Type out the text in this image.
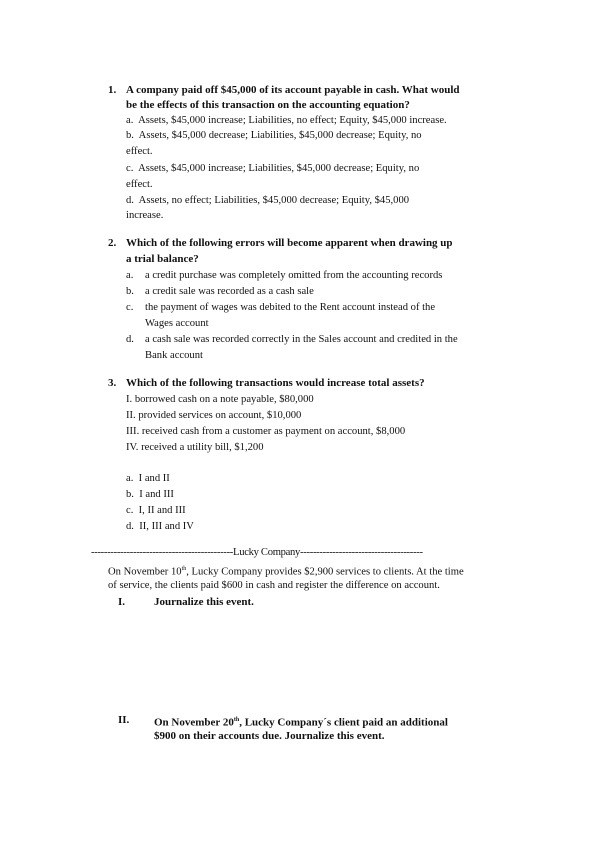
1. A company paid off $45,000 of its account payable in cash. What would
be the effects of this transaction on the accounting equation?
a. Assets, $45,000 increase; Liabilities, no effect; Equity, $45,000 increase.
b. Assets, $45,000 decrease; Liabilities, $45,000 decrease; Equity, no
effect.
c. Assets, $45,000 increase; Liabilities, $45,000 decrease; Equity, no
effect.
d. Assets, no effect; Liabilities, $45,000 decrease; Equity, $45,000
increase.
2. Which of the following errors will become apparent when drawing up
a trial balance?
a. a credit purchase was completely omitted from the accounting records
b. a credit sale was recorded as a cash sale
c. the payment of wages was debited to the Rent account instead of the
Wages account
d. a cash sale was recorded correctly in the Sales account and credited in the
Bank account
3. Which of the following transactions would increase total assets?
I. borrowed cash on a note payable, $80,000
II. provided services on account, $10,000
III. received cash from a customer as payment on account, $8,000
IV. received a utility bill, $1,200
a. I and II
b. I and III
c. I, II and III
d. II, III and IV
--------------------------------------------Lucky Company--------------------------------------
On November 10th, Lucky Company provides $2,900 services to clients. At the time
of service, the clients paid $600 in cash and register the difference on account.
I.	Journalize this event.
II. On November 20th, Lucky Company´s client paid an additional
$900 on their accounts due. Journalize this event.
